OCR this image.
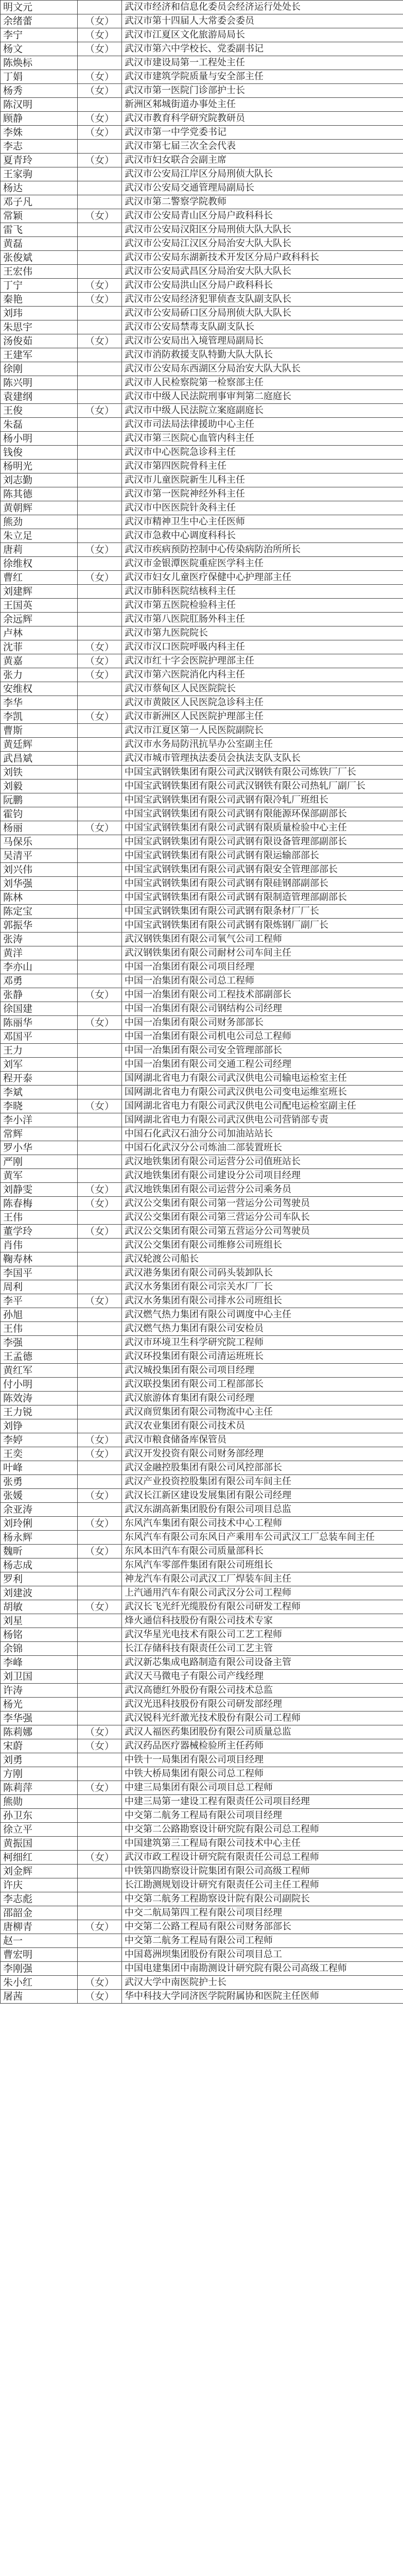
明文元		武汉市经济和信息化委员会经济运行处处长
余绪蕾	（女）	武汉市第十四届人大常委会委员
李宁	（女）	武汉市江夏区文化旅游局局长
杨文	（女）	武汉市第六中学校长、党委副书记
陈焕标		武汉市建设局第一工程处主任
丁娟	（女）	武汉市建筑学院质量与安全部主任
杨秀	（女）	武汉市第一医院门诊部护士长
陈汉明		新洲区邾城街道办事处主任
顾静	（女）	武汉市教育科学研究院教研员
李姝	（女）	武汉市第一中学党委书记
李志		武汉市第七届三次全会代表
夏青玲	（女）	武汉市妇女联合会副主席
王家驹		武汉市公安局江岸区分局刑侦大队长
杨达		武汉市公安局交通管理局副局长
邓子凡		武汉市第二警察学院教师
常颖	（女）	武汉市公安局青山区分局户政科科长
雷飞		武汉市公安局汉阳区分局刑侦大队大队长
黄磊		武汉市公安局江汉区分局治安大队大队长
张俊斌		武汉市公安局东湖新技术开发区分局户政科科长
王宏伟		武汉市公安局武昌区分局治安大队大队长
丁宁	（女）	武汉市公安局洪山区分局户政科科长
秦艳	（女）	武汉市公安局经济犯罪侦查支队副支队长
刘玮		武汉市公安局硚口区分局刑侦大队大队长
朱思宇		武汉市公安局禁毒支队副支队长
汤俊茹	（女）	武汉市公安局出入境管理局副局长
王建军		武汉市消防救援支队特勤大队大队长
徐刚		武汉市公安局东西湖区分局治安大队大队长
陈兴明		武汉市人民检察院第一检察部主任
袁建纲		武汉市中级人民法院刑事审判第二庭庭长
王俊	（女）	武汉市中级人民法院立案庭副庭长
朱磊		武汉市司法局法律援助中心主任
杨小明		武汉市第三医院心血管内科主任
钱俊		武汉市中心医院急诊科主任
杨明光		武汉市第四医院骨科主任
刘志勤		武汉市儿童医院新生儿科主任
陈其德		武汉市第一医院神经外科主任
黄朝辉		武汉市中医医院针灸科主任
熊劲		武汉市精神卫生中心主任医师
朱立足		武汉市急救中心调度科科长
唐莉	（女）	武汉市疾病预防控制中心传染病防治所所长
徐维权		武汉市金银潭医院重症医学科主任
曹红	（女）	武汉市妇女儿童医疗保健中心护理部主任
刘建辉		武汉市肺科医院结核科主任
王国英		武汉市第五医院检验科主任
余远辉		武汉市第八医院肛肠外科主任
卢林		武汉市第九医院院长
沈菲	（女）	武汉市汉口医院呼吸内科主任
黄嘉	（女）	武汉市红十字会医院护理部主任
张力	（女）	武汉市第六医院消化内科主任
安维权		武汉市蔡甸区人民医院院长
李华		武汉市黄陂区人民医院急诊科主任
李凯	（女）	武汉市新洲区人民医院护理部主任
曹斯		武汉市江夏区第一人民医院副院长
黄廷辉		武汉市水务局防汛抗旱办公室副主任
武昌斌		武汉市城市管理执法委员会执法支队支队长
刘铁		中国宝武钢铁集团有限公司武汉钢铁有限公司炼铁厂厂长
刘毅		中国宝武钢铁集团有限公司武汉钢铁有限公司热轧厂副厂长
阮鹏		中国宝武钢铁集团有限公司武钢有限冷轧厂班组长
霍钧		中国宝武钢铁集团有限公司武钢有限能源环保部副部长
杨丽	（女）	中国宝武钢铁集团有限公司武钢有限质量检验中心主任
马保乐		中国宝武钢铁集团有限公司武钢有限设备管理部副部长
吴清平		中国宝武钢铁集团有限公司武钢有限运输部部长
刘兴伟		中国宝武钢铁集团有限公司武钢有限安全管理部部长
刘华强		中国宝武钢铁集团有限公司武钢有限硅钢部副部长
陈林		中国宝武钢铁集团有限公司武钢有限制造管理部副部长
陈定宝		中国宝武钢铁集团有限公司武钢有限条材厂厂长
郭振华		中国宝武钢铁集团有限公司武钢有限炼钢厂副厂长
张涛		武汉钢铁集团有限公司氧气公司工程师
黄洋		武汉钢铁集团有限公司耐材公司车间主任
李亦山		中国一冶集团有限公司项目经理
邓勇		中国一冶集团有限公司总工程师
张静	（女）	中国一冶集团有限公司工程技术部副部长
徐国建		中国一冶集团有限公司钢结构公司经理
陈丽华	（女）	中国一冶集团有限公司财务部部长
邓国平		中国一冶集团有限公司机电公司总工程师
王力		中国一冶集团有限公司安全管理部部长
刘军		中国一冶集团有限公司交通工程公司经理
程开泰		国网湖北省电力有限公司武汉供电公司输电运检室主任
李斌		国网湖北省电力有限公司武汉供电公司变电运维室班长
李晓	（女）	国网湖北省电力有限公司武汉供电公司配电运检室副主任
李小洋		国网湖北省电力有限公司武汉供电公司营销部专责
常辉		中国石化武汉石油分公司加油站站长
罗小华		中国石化武汉分公司炼油二部装置班长
严刚		武汉地铁集团有限公司运营分公司值班站长
黄军		武汉地铁集团有限公司建设分公司项目经理
刘静雯	（女）	武汉地铁集团有限公司运营分公司乘务员
陈春梅	（女）	武汉公交集团有限公司第一营运分公司驾驶员
王伟		武汉公交集团有限公司第三营运分公司车队长
董学玲	（女）	武汉公交集团有限公司第五营运分公司驾驶员
肖伟		武汉公交集团有限公司维修公司班组长
鞠寿林		武汉轮渡公司船长
李国平		武汉港务集团有限公司码头装卸队长
周利		武汉水务集团有限公司宗关水厂厂长
李平	（女）	武汉水务集团有限公司排水公司班组长
孙旭		武汉燃气热力集团有限公司调度中心主任
王伟		武汉燃气热力集团有限公司安检员
李强		武汉市环境卫生科学研究院工程师
王孟德		武汉环投集团有限公司清运班班长
黄红军		武汉城投集团有限公司项目经理
付小明		武汉联投集团有限公司工程部部长
陈效涛		武汉旅游体育集团有限公司经理
王力锐		武汉商贸集团有限公司物流中心主任
刘铮		武汉农业集团有限公司技术员
李婷	（女）	武汉市粮食储备库保管员
王奕	（女）	武汉开发投资有限公司财务部经理
叶峰		武汉金融控股集团有限公司风控部部长
张勇		武汉产业投资控股集团有限公司车间主任
张媛	（女）	武汉长江新区建设发展集团有限公司经理
余亚涛		武汉东湖高新集团股份有限公司项目总监
刘玲俐	（女）	东风汽车集团有限公司技术中心工程师
杨永辉		东风汽车有限公司东风日产乘用车公司武汉工厂总装车间主任
魏昕	（女）	东风本田汽车有限公司质量部科长
杨志成		东风汽车零部件集团有限公司班组长
罗利		神龙汽车有限公司武汉工厂焊装车间主任
刘建波		上汽通用汽车有限公司武汉分公司工程师
胡敏	（女）	武汉长飞光纤光缆股份有限公司研发工程师
刘星		烽火通信科技股份有限公司技术专家
杨铭		武汉华星光电技术有限公司工艺工程师
余锦		长江存储科技有限责任公司工艺主管
李峰		武汉新芯集成电路制造有限公司设备主管
刘卫国		武汉天马微电子有限公司产线经理
许涛		武汉高德红外股份有限公司技术总监
杨光		武汉光迅科技股份有限公司研发部经理
李华强		武汉锐科光纤激光技术股份有限公司工程师
陈莉娜	（女）	武汉人福医药集团股份有限公司质量总监
宋蔚	（女）	武汉药品医疗器械检验所主任药师
刘勇		中铁十一局集团有限公司项目经理
方刚		中铁大桥局集团有限公司总工程师
陈莉萍	（女）	中建三局集团有限公司项目总工程师
熊勋		中建三局第一建设工程有限责任公司项目经理
孙卫东		中交第二航务工程局有限公司项目经理
徐立平		中交第二公路勘察设计研究院有限公司总工程师
黄振国		中国建筑第三工程局有限公司技术中心主任
柯细红	（女）	武汉市政工程设计研究院有限责任公司总工程师
刘金辉		中铁第四勘察设计院集团有限公司高级工程师
许庆		长江勘测规划设计研究有限责任公司主任工程师
李志彪		中交第二航务工程勘察设计院有限公司副院长
邵韶金		中交二航局第四工程有限公司项目经理
唐柳青	（女）	中交第二公路工程局有限公司财务部部长
赵一		中交第二航务工程局有限公司工程师
曹宏明		中国葛洲坝集团股份有限公司项目总工
李刚强		中国电建集团中南勘测设计研究院有限公司高级工程师
朱小红	（女）	武汉大学中南医院护士长
屠茜	（女）	华中科技大学同济医学院附属协和医院主任医师
